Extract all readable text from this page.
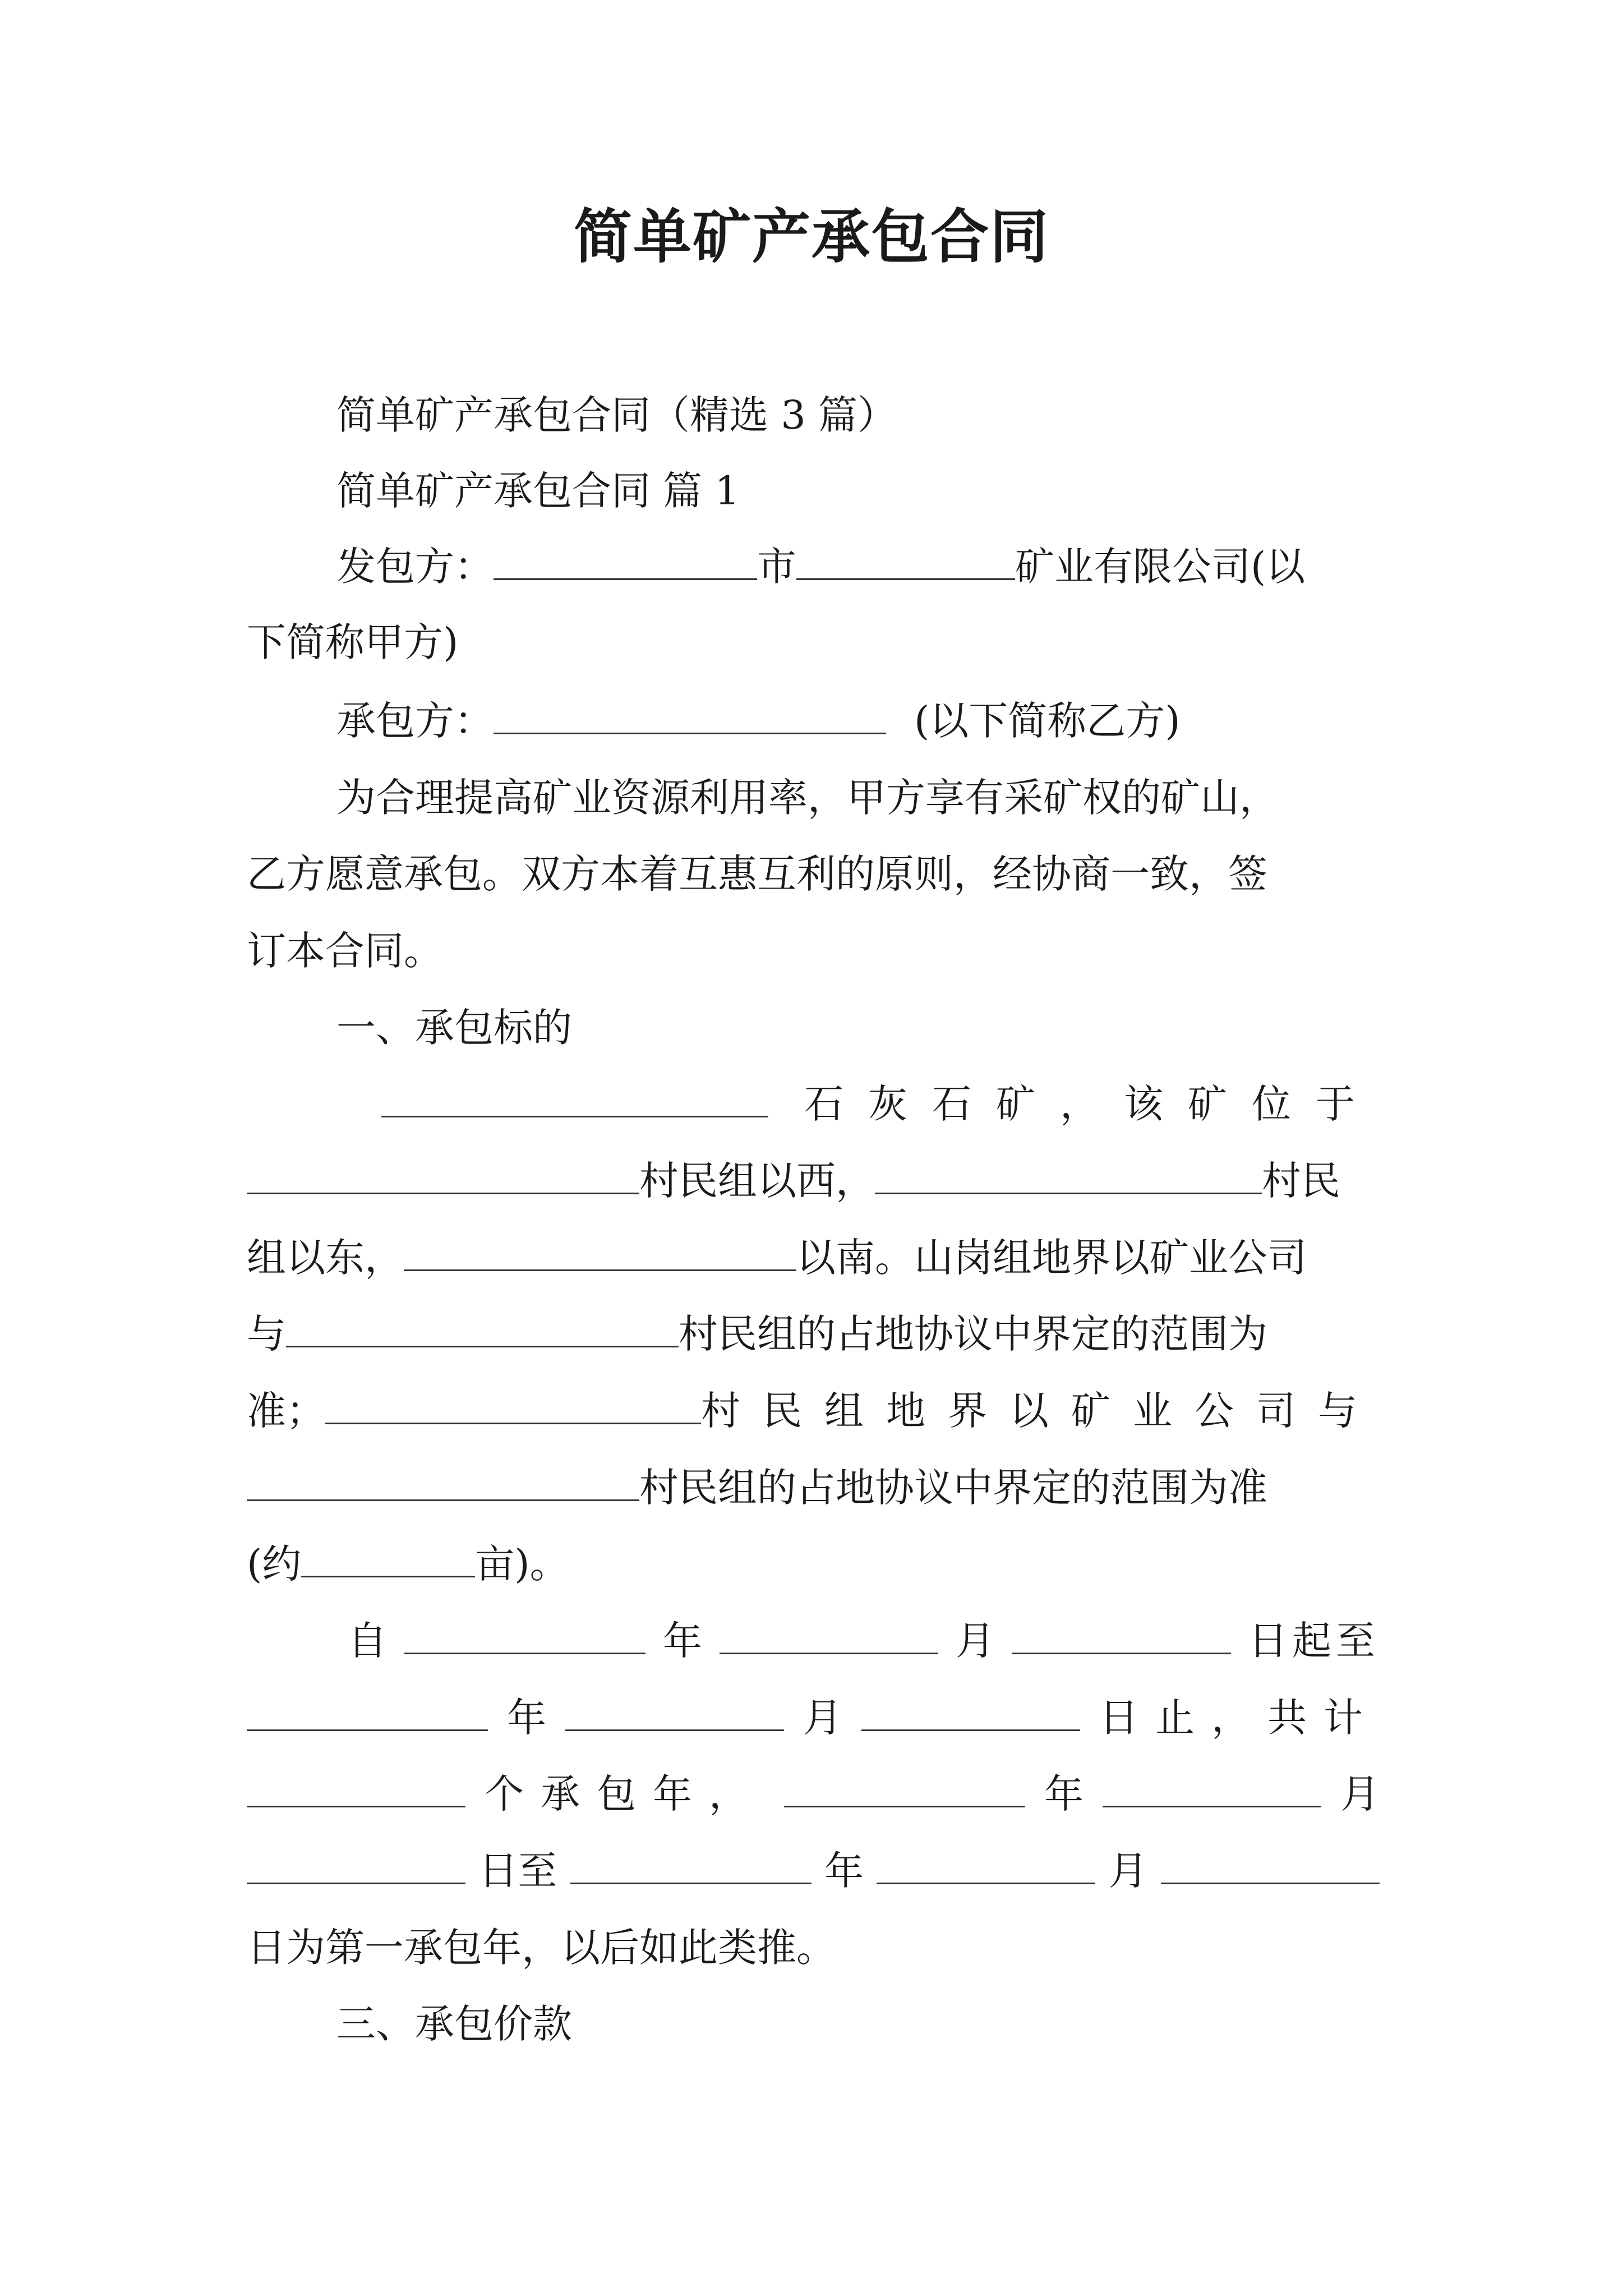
简单矿产承包合同
简单矿产承包合同（精选 3 篇）
简单矿产承包合同 篇 1
发包方：	市	矿业有限公司(以
下简称甲方)
承包方：	(以下简称乙方)
为合理提高矿业资源利用率，甲方享有采矿权的矿山，
乙方愿意承包。双方本着互惠互利的原则，经协商一致，签
订本合同。
一、承包标的
石灰石矿，该矿位于
村民组以西，	村民
组以东，	以南。山岗组地界以矿业公司
与	村民组的占地协议中界定的范围为
准；	村民组地界以矿业公司与
村民组的占地协议中界定的范围为准
(约	亩)。
自	年	月	日起至
年	月	日止，共计
个承包年，	年	月
日至	年	月
日为第一承包年，以后如此类推。
三、承包价款
